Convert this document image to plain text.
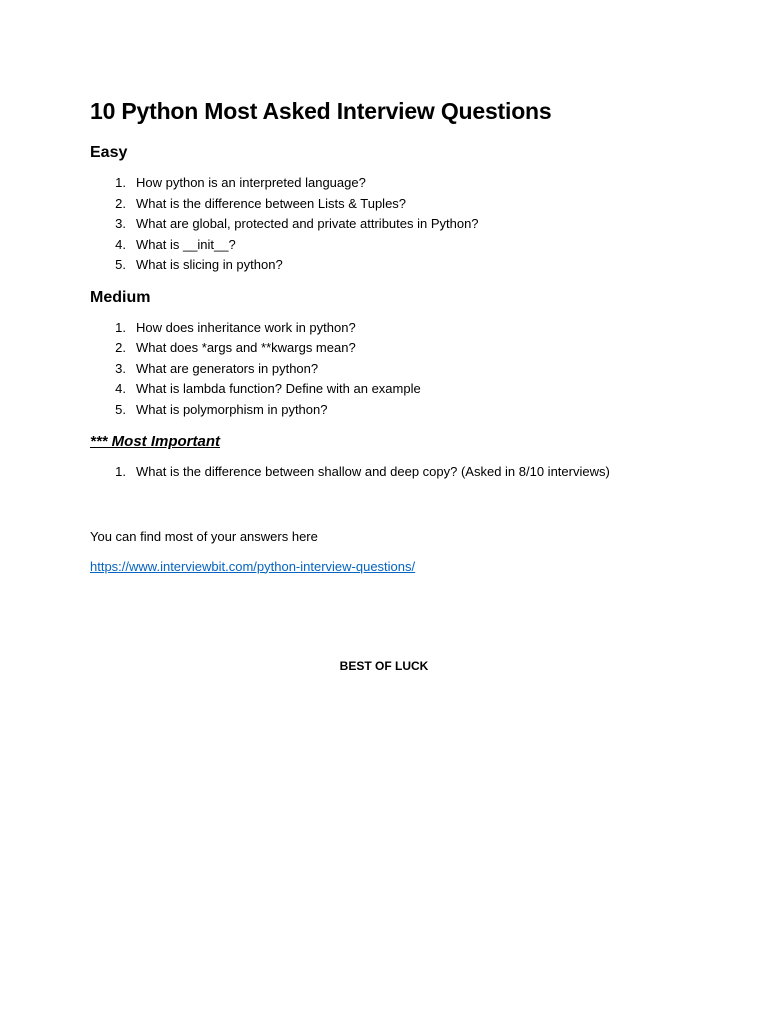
10 Python Most Asked Interview Questions
Easy
1. How python is an interpreted language?
2. What is the difference between Lists & Tuples?
3. What are global, protected and private attributes in Python?
4. What is __init__?
5. What is slicing in python?
Medium
1. How does inheritance work in python?
2. What does *args and **kwargs mean?
3. What are generators in python?
4. What is lambda function? Define with an example
5. What is polymorphism in python?
*** Most Important
1. What is the difference between shallow and deep copy? (Asked in 8/10 interviews)

You can find most of your answers here

https://www.interviewbit.com/python-interview-questions/
BEST OF LUCK
